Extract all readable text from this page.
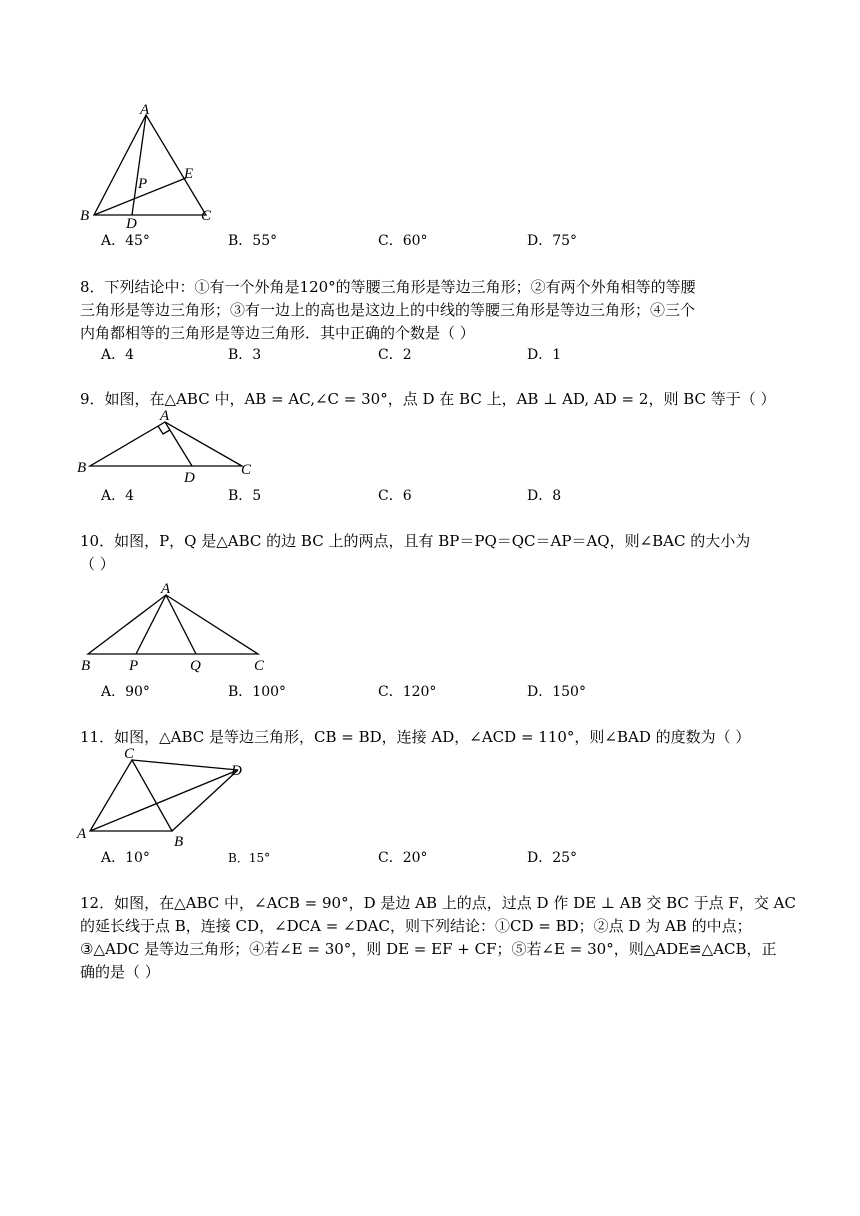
A
B	C
D
E
P
A．45°	B．55°	C．60°	D．75°
8．下列结论中：①有一个外角是120°的等腰三角形是等边三角形；②有两个外角相等的等腰
三角形是等边三角形；③有一边上的高也是这边上的中线的等腰三角形是等边三角形；④三个
内角都相等的三角形是等边三角形．其中正确的个数是（ ）
A．4	B．3	C．2	D．1
9．如图，在△ABC 中，AB = AC,∠C = 30°，点 D 在 BC 上，AB ⊥ AD, AD = 2，则 BC 等于（ ）
A
B	C
D
A．4	B．5	C．6	D．8
10．如图，P，Q 是△ABC 的边 BC 上的两点，且有 BP＝PQ＝QC＝AP＝AQ，则∠BAC 的大小为
（ ）
A
B	P	Q	C
A．90°	B．100°	C．120°	D．150°
11．如图，△ABC 是等边三角形，CB = BD，连接 AD，∠ACD = 110°，则∠BAD 的度数为（ ）
C
D
A	B
A．10°	B．15°	C．20°	D．25°
12．如图，在△ABC 中，∠ACB = 90°，D 是边 AB 上的点，过点 D 作 DE ⊥ AB 交 BC 于点 F，交 AC
的延长线于点 B，连接 CD，∠DCA = ∠DAC，则下列结论：①CD = BD；②点 D 为 AB 的中点；
③△ADC 是等边三角形；④若∠E = 30°，则 DE = EF + CF；⑤若∠E = 30°，则△ADE≌△ACB，正
确的是（ ）
